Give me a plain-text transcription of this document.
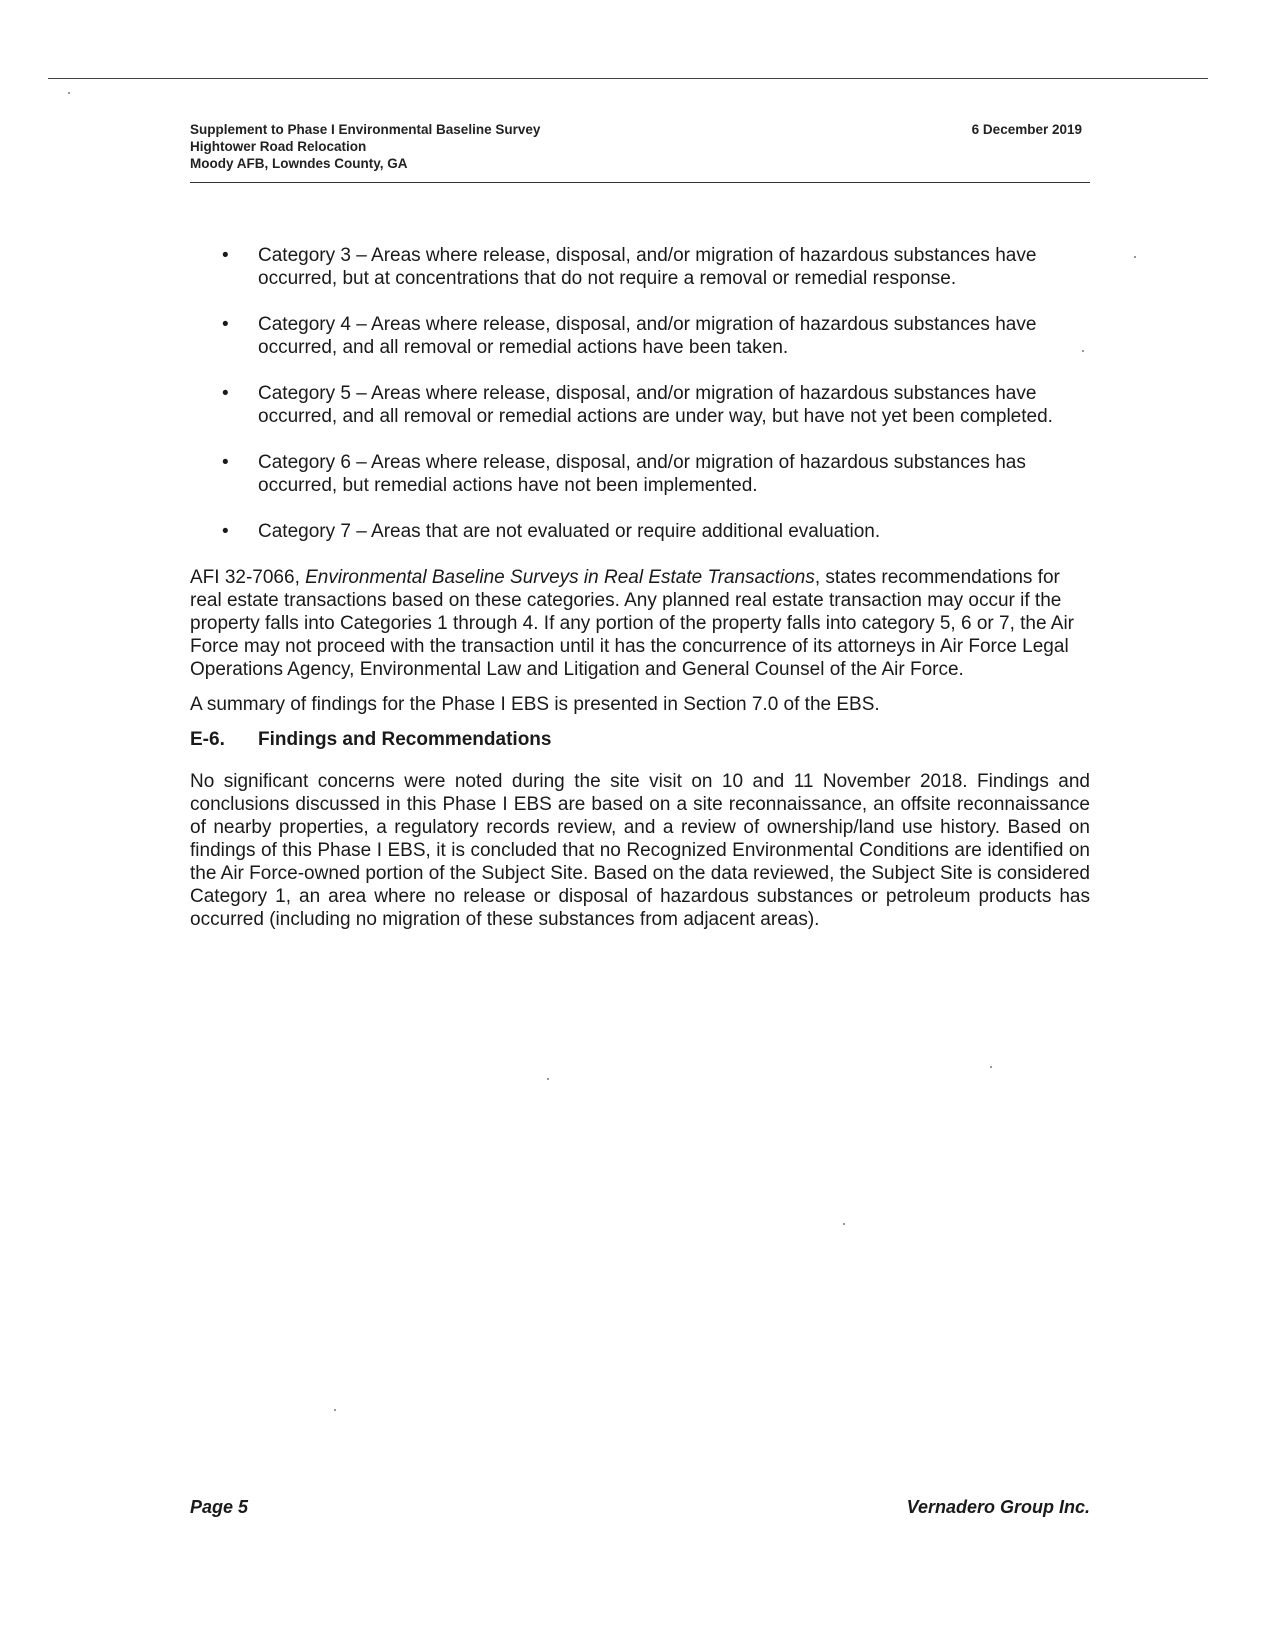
Supplement to Phase I Environmental Baseline Survey
Hightower Road Relocation
Moody AFB, Lowndes County, GA
6 December 2019
• Category 3 – Areas where release, disposal, and/or migration of hazardous substances have occurred, but at concentrations that do not require a removal or remedial response.
• Category 4 – Areas where release, disposal, and/or migration of hazardous substances have occurred, and all removal or remedial actions have been taken.
• Category 5 – Areas where release, disposal, and/or migration of hazardous substances have occurred, and all removal or remedial actions are under way, but have not yet been completed.
• Category 6 – Areas where release, disposal, and/or migration of hazardous substances has occurred, but remedial actions have not been implemented.
• Category 7 – Areas that are not evaluated or require additional evaluation.

AFI 32-7066, Environmental Baseline Surveys in Real Estate Transactions, states recommendations for real estate transactions based on these categories. Any planned real estate transaction may occur if the property falls into Categories 1 through 4. If any portion of the property falls into category 5, 6 or 7, the Air Force may not proceed with the transaction until it has the concurrence of its attorneys in Air Force Legal Operations Agency, Environmental Law and Litigation and General Counsel of the Air Force.

A summary of findings for the Phase I EBS is presented in Section 7.0 of the EBS.

E-6. Findings and Recommendations

No significant concerns were noted during the site visit on 10 and 11 November 2018. Findings and conclusions discussed in this Phase I EBS are based on a site reconnaissance, an offsite reconnaissance of nearby properties, a regulatory records review, and a review of ownership/land use history. Based on findings of this Phase I EBS, it is concluded that no Recognized Environmental Conditions are identified on the Air Force-owned portion of the Subject Site. Based on the data reviewed, the Subject Site is considered Category 1, an area where no release or disposal of hazardous substances or petroleum products has occurred (including no migration of these substances from adjacent areas).

Page 5	Vernadero Group Inc.
